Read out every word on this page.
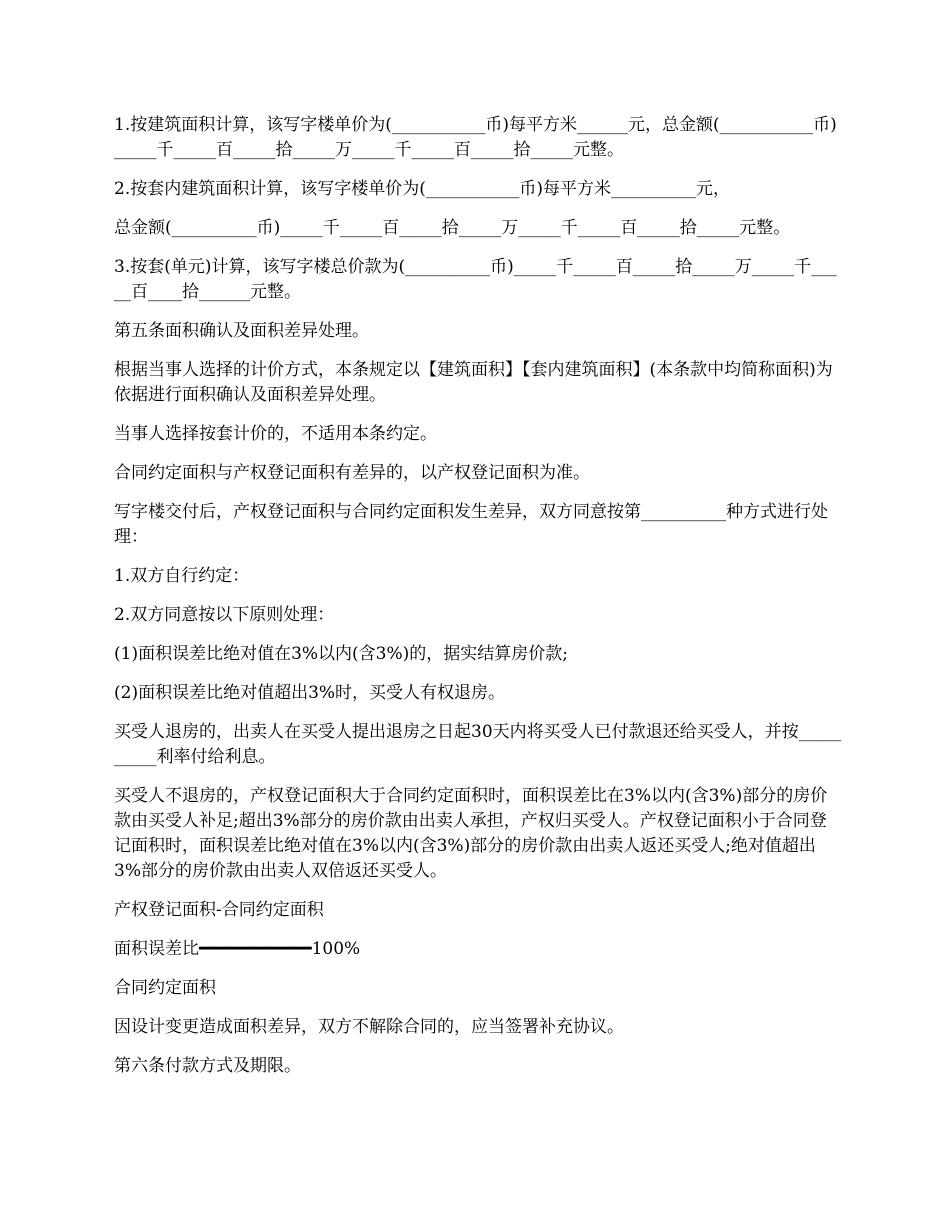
1.按建筑面积计算，该写字楼单价为(___________币)每平方米______元，总金额(___________币)_____千_____百_____拾_____万_____千_____百_____拾_____元整。

2.按套内建筑面积计算，该写字楼单价为(___________币)每平方米__________元，

总金额(__________币)_____千_____百_____拾_____万_____千_____百_____拾_____元整。

3.按套(单元)计算，该写字楼总价款为(__________币)_____千_____百_____拾_____万_____千_____百____拾______元整。

第五条面积确认及面积差异处理。

根据当事人选择的计价方式，本条规定以【建筑面积】【套内建筑面积】(本条款中均简称面积)为依据进行面积确认及面积差异处理。

当事人选择按套计价的，不适用本条约定。

合同约定面积与产权登记面积有差异的，以产权登记面积为准。

写字楼交付后，产权登记面积与合同约定面积发生差异，双方同意按第__________种方式进行处理：

1.双方自行约定：

2.双方同意按以下原则处理：

(1)面积误差比绝对值在3%以内(含3%)的，据实结算房价款;

(2)面积误差比绝对值超出3%时，买受人有权退房。

买受人退房的，出卖人在买受人提出退房之日起30天内将买受人已付款退还给买受人，并按__________利率付给利息。

买受人不退房的，产权登记面积大于合同约定面积时，面积误差比在3%以内(含3%)部分的房价款由买受人补足;超出3%部分的房价款由出卖人承担，产权归买受人。产权登记面积小于合同登记面积时，面积误差比绝对值在3%以内(含3%)部分的房价款由出卖人返还买受人;绝对值超出3%部分的房价款由出卖人双倍返还买受人。

产权登记面积-合同约定面积

面积误差比━━━━━━━━━━━100%

合同约定面积

因设计变更造成面积差异，双方不解除合同的，应当签署补充协议。

第六条付款方式及期限。
